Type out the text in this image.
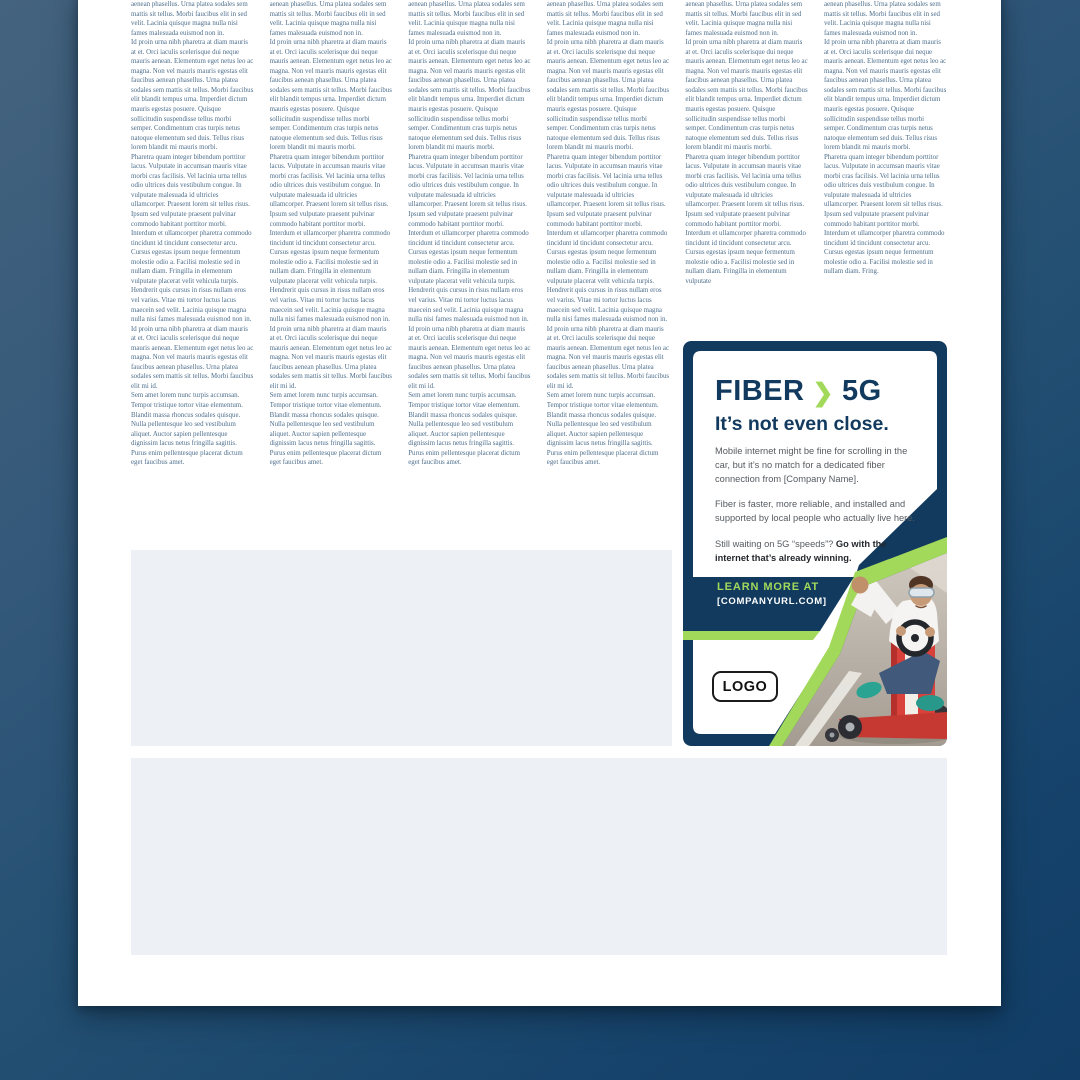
aenean phasellus. Urna platea sodales sem mattis sit tellus. Morbi faucibus elit in sed velit. Lacinia quisque magna nulla nisi fames malesuada euismod non in.

Id proin urna nibh pharetra at diam mauris at et. Orci iaculis scelerisque dui neque mauris aenean. Elementum eget netus leo ac magna. Non vel mauris mauris egestas elit faucibus aenean phasellus. Urna platea sodales sem mattis sit tellus. Morbi faucibus elit blandit tempus urna. Imperdiet dictum mauris egestas posuere. Quisque sollicitudin suspendisse tellus morbi semper. Condimentum cras turpis netus natoque elementum sed duis. Tellus risus lorem blandit mi mauris morbi.

Pharetra quam integer bibendum porttitor lacus. Vulputate in accumsan mauris vitae morbi cras facilisis. Vel lacinia urna tellus odio ultrices duis vestibulum congue. In vulputate malesuada id ultricies ullamcorper. Praesent lorem sit tellus risus. Ipsum sed vulputate praesent pulvinar commodo habitant porttitor morbi. Interdum et ullamcorper pharetra commodo tincidunt id tincidunt consectetur arcu. Cursus egestas ipsum neque fermentum molestie odio a. Facilisi molestie sed in nullam diam. Fringilla in elementum vulputate placerat velit vehicula turpis. Hendrerit quis cursus in risus nullam eros vel varius. Vitae mi tortor luctus lacus maecein sed velit. Lacinia quisque magna nulla nisi fames malesuada euismod non in.

Id proin urna nibh pharetra at diam mauris at et. Orci iaculis scelerisque dui neque mauris aenean. Elementum eget netus leo ac magna. Non vel mauris mauris egestas elit faucibus aenean phasellus. Urna platea sodales sem mattis sit tellus. Morbi faucibus elit mi id.

Sem amet lorem nunc turpis accumsan. Tempor tristique tortor vitae elementum. Blandit massa rhoncus sodales quisque. Nulla pellentesque leo sed vestibulum aliquet. Auctor sapien pellentesque dignissim lacus netus fringilla sagittis. Purus enim pellentesque placerat dictum eget faucibus amet.

aenean phasellus. Urna platea sodales sem mattis sit tellus. Morbi faucibus elit in sed velit. Lacinia quisque magna nulla nisi fames malesuada euismod non in.

Id proin urna nibh pharetra at diam mauris at et. Orci iaculis scelerisque dui neque mauris aenean. Elementum eget netus leo ac magna. Non vel mauris mauris egestas elit faucibus aenean phasellus. Urna platea sodales sem mattis sit tellus. Morbi faucibus elit blandit tempus urna. Imperdiet dictum mauris egestas posuere. Quisque sollicitudin suspendisse tellus morbi semper. Condimentum cras turpis netus natoque elementum sed duis. Tellus risus lorem blandit mi mauris morbi.

Pharetra quam integer bibendum porttitor lacus. Vulputate in accumsan mauris vitae morbi cras facilisis. Vel lacinia urna tellus odio ultrices duis vestibulum congue. In vulputate malesuada id ultricies ullamcorper. Praesent lorem sit tellus risus. Ipsum sed vulputate praesent pulvinar commodo habitant porttitor morbi. Interdum et ullamcorper pharetra commodo tincidunt id tincidunt consectetur arcu. Cursus egestas ipsum neque fermentum molestie odio a. Facilisi molestie sed in nullam diam. Fringilla in elementum vulputate placerat velit vehicula turpis. Hendrerit quis cursus in risus nullam eros vel varius. Vitae mi tortor luctus lacus maecein sed velit. Lacinia quisque magna nulla nisi fames malesuada euismod non in.

Id proin urna nibh pharetra at diam mauris at et. Orci iaculis scelerisque dui neque mauris aenean. Elementum eget netus leo ac magna. Non vel mauris mauris egestas elit faucibus aenean phasellus. Urna platea sodales sem mattis sit tellus. Morbi faucibus elit mi id.

Sem amet lorem nunc turpis accumsan. Tempor tristique tortor vitae elementum. Blandit massa rhoncus sodales quisque. Nulla pellentesque leo sed vestibulum aliquet. Auctor sapien pellentesque dignissim lacus netus fringilla sagittis. Purus enim pellentesque placerat dictum eget faucibus amet.

aenean phasellus. Urna platea sodales sem mattis sit tellus. Morbi faucibus elit in sed velit. Lacinia quisque magna nulla nisi fames malesuada euismod non in.

Id proin urna nibh pharetra at diam mauris at et. Orci iaculis scelerisque dui neque mauris aenean. Elementum eget netus leo ac magna. Non vel mauris mauris egestas elit faucibus aenean phasellus. Urna platea sodales sem mattis sit tellus. Morbi faucibus elit blandit tempus urna. Imperdiet dictum mauris egestas posuere. Quisque sollicitudin suspendisse tellus morbi semper. Condimentum cras turpis netus natoque elementum sed duis. Tellus risus lorem blandit mi mauris morbi.

Pharetra quam integer bibendum porttitor lacus. Vulputate in accumsan mauris vitae morbi cras facilisis. Vel lacinia urna tellus odio ultrices duis vestibulum congue. In vulputate malesuada id ultricies ullamcorper. Praesent lorem sit tellus risus. Ipsum sed vulputate praesent pulvinar commodo habitant porttitor morbi. Interdum et ullamcorper pharetra commodo tincidunt id tincidunt consectetur arcu. Cursus egestas ipsum neque fermentum molestie odio a. Facilisi molestie sed in nullam diam. Fringilla in elementum vulputate placerat velit vehicula turpis. Hendrerit quis cursus in risus nullam eros vel varius. Vitae mi tortor luctus lacus maecein sed velit. Lacinia quisque magna nulla nisi fames malesuada euismod non in.

Id proin urna nibh pharetra at diam mauris at et. Orci iaculis scelerisque dui neque mauris aenean. Elementum eget netus leo ac magna. Non vel mauris mauris egestas elit faucibus aenean phasellus. Urna platea sodales sem mattis sit tellus. Morbi faucibus elit mi id.

Sem amet lorem nunc turpis accumsan. Tempor tristique tortor vitae elementum. Blandit massa rhoncus sodales quisque. Nulla pellentesque leo sed vestibulum aliquet. Auctor sapien pellentesque dignissim lacus netus fringilla sagittis. Purus enim pellentesque placerat dictum eget faucibus amet.

aenean phasellus. Urna platea sodales sem mattis sit tellus. Morbi faucibus elit in sed velit. Lacinia quisque magna nulla nisi fames malesuada euismod non in.

Id proin urna nibh pharetra at diam mauris at et. Orci iaculis scelerisque dui neque mauris aenean. Elementum eget netus leo ac magna. Non vel mauris mauris egestas elit faucibus aenean phasellus. Urna platea sodales sem mattis sit tellus. Morbi faucibus elit blandit tempus urna. Imperdiet dictum mauris egestas posuere. Quisque sollicitudin suspendisse tellus morbi semper. Condimentum cras turpis netus natoque elementum sed duis. Tellus risus lorem blandit mi mauris morbi.

Pharetra quam integer bibendum porttitor lacus. Vulputate in accumsan mauris vitae morbi cras facilisis. Vel lacinia urna tellus odio ultrices duis vestibulum congue. In vulputate malesuada id ultricies ullamcorper. Praesent lorem sit tellus risus. Ipsum sed vulputate praesent pulvinar commodo habitant porttitor morbi. Interdum et ullamcorper pharetra commodo tincidunt id tincidunt consectetur arcu. Cursus egestas ipsum neque fermentum molestie odio a. Facilisi molestie sed in nullam diam. Fringilla in elementum vulputate placerat velit vehicula turpis. Hendrerit quis cursus in risus nullam eros vel varius. Vitae mi tortor luctus lacus maecein sed velit. Lacinia quisque magna nulla nisi fames malesuada euismod non in.

Id proin urna nibh pharetra at diam mauris at et. Orci iaculis scelerisque dui neque mauris aenean. Elementum eget netus leo ac magna. Non vel mauris mauris egestas elit faucibus aenean phasellus. Urna platea sodales sem mattis sit tellus. Morbi faucibus elit mi id.

Sem amet lorem nunc turpis accumsan. Tempor tristique tortor vitae elementum. Blandit massa rhoncus sodales quisque. Nulla pellentesque leo sed vestibulum aliquet. Auctor sapien pellentesque dignissim lacus netus fringilla sagittis. Purus enim pellentesque placerat dictum eget faucibus amet.

aenean phasellus. Urna platea sodales sem mattis sit tellus. Morbi faucibus elit in sed velit. Lacinia quisque magna nulla nisi fames malesuada euismod non in.

Id proin urna nibh pharetra at diam mauris at et. Orci iaculis scelerisque dui neque mauris aenean. Elementum eget netus leo ac magna. Non vel mauris mauris egestas elit faucibus aenean phasellus. Urna platea sodales sem mattis sit tellus. Morbi faucibus elit blandit tempus urna. Imperdiet dictum mauris egestas posuere. Quisque sollicitudin suspendisse tellus morbi semper. Condimentum cras turpis netus natoque elementum sed duis. Tellus risus lorem blandit mi mauris morbi.

Pharetra quam integer bibendum porttitor lacus. Vulputate in accumsan mauris vitae morbi cras facilisis. Vel lacinia urna tellus odio ultrices duis vestibulum congue. In vulputate malesuada id ultricies ullamcorper. Praesent lorem sit tellus risus. Ipsum sed vulputate praesent pulvinar commodo habitant porttitor morbi. Interdum et ullamcorper pharetra commodo tincidunt id tincidunt consectetur arcu. Cursus egestas ipsum neque fermentum molestie odio a. Facilisi molestie sed in nullam diam. Fringilla in elementum vulputate

aenean phasellus. Urna platea sodales sem mattis sit tellus. Morbi faucibus elit in sed velit. Lacinia quisque magna nulla nisi fames malesuada euismod non in.

Id proin urna nibh pharetra at diam mauris at et. Orci iaculis scelerisque dui neque mauris aenean. Elementum eget netus leo ac magna. Non vel mauris mauris egestas elit faucibus aenean phasellus. Urna platea sodales sem mattis sit tellus. Morbi faucibus elit blandit tempus urna. Imperdiet dictum mauris egestas posuere. Quisque sollicitudin suspendisse tellus morbi semper. Condimentum cras turpis netus natoque elementum sed duis. Tellus risus lorem blandit mi mauris morbi.

Pharetra quam integer bibendum porttitor lacus. Vulputate in accumsan mauris vitae morbi cras facilisis. Vel lacinia urna tellus odio ultrices duis vestibulum congue. In vulputate malesuada id ultricies ullamcorper. Praesent lorem sit tellus risus. Ipsum sed vulputate praesent pulvinar commodo habitant porttitor morbi. Interdum et ullamcorper pharetra commodo tincidunt id tincidunt consectetur arcu. Cursus egestas ipsum neque fermentum molestie odio a. Facilisi molestie sed in nullam diam. Fring.

FIBER ❯ 5G
It’s not even close.

Mobile internet might be fine for scrolling in the car, but it’s no match for a dedicated fiber connection from [Company Name].

Fiber is faster, more reliable, and installed and supported by local people who actually live here.

Still waiting on 5G “speeds”? Go with the internet that’s already winning.

LEARN MORE AT
[COMPANYURL.COM]
LOGO
